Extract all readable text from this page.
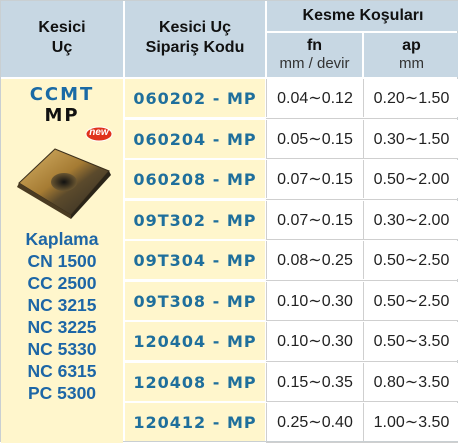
Kesici
Uç
Kesici Uç
Sipariş Kodu
Kesme Koşuları
fn
mm / devir
ap
mm
CCMT
MP
new
Kaplama
CN 1500
CC 2500
NC 3215
NC 3225
NC 5330
NC 6315
PC 5300
060202 - MP	0.04∼0.12	0.20∼1.50
060204 - MP	0.05∼0.15	0.30∼1.50
060208 - MP	0.07∼0.15	0.50∼2.00
09T302 - MP	0.07∼0.15	0.30∼2.00
09T304 - MP	0.08∼0.25	0.50∼2.50
09T308 - MP	0.10∼0.30	0.50∼2.50
120404 - MP	0.10∼0.30	0.50∼3.50
120408 - MP	0.15∼0.35	0.80∼3.50
120412 - MP	0.25∼0.40	1.00∼3.50
